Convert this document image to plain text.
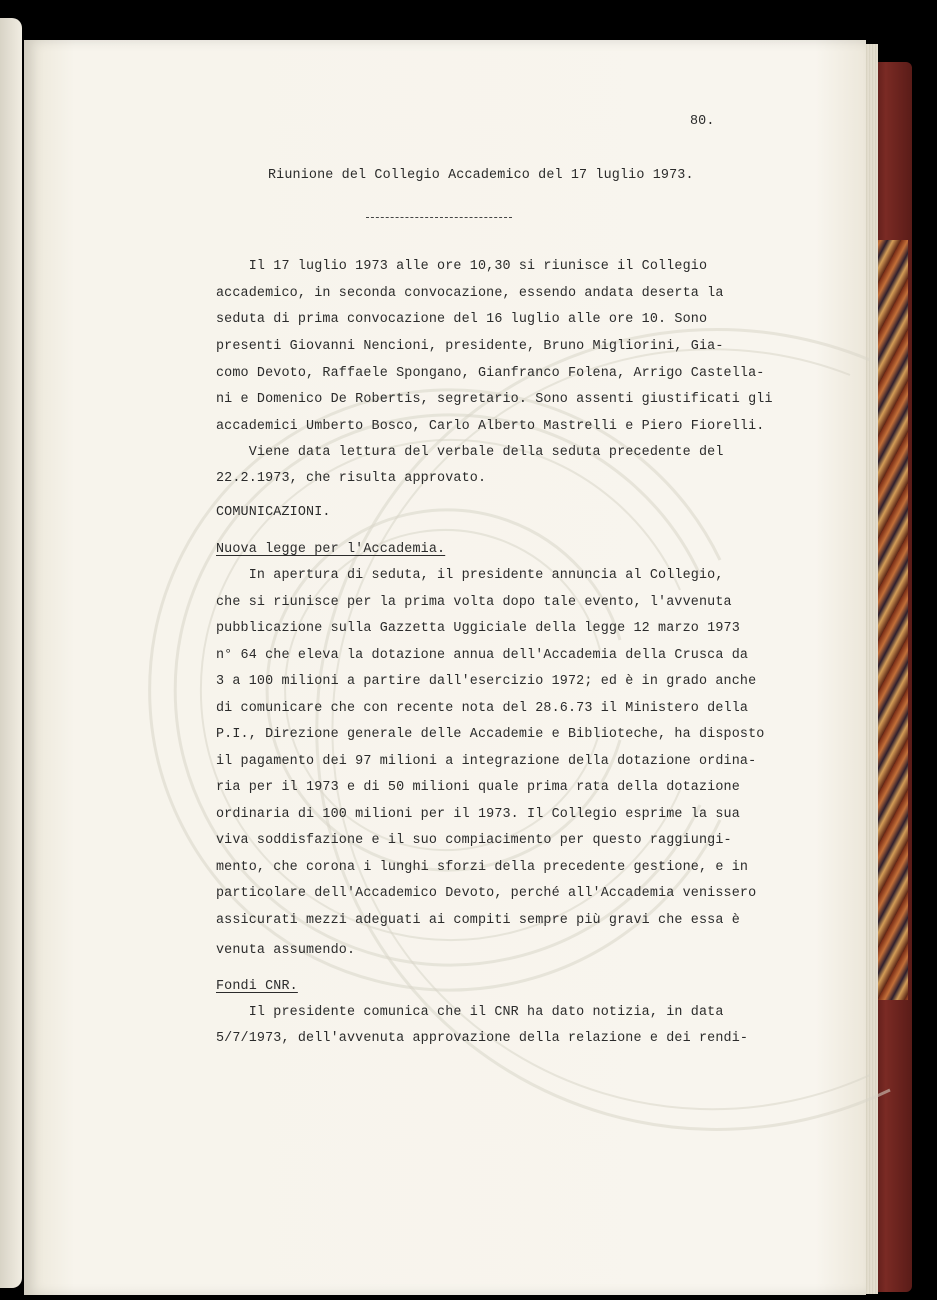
80.
Riunione del Collegio Accademico del 17 luglio 1973.
Il 17 luglio 1973 alle ore 10,30 si riunisce il Collegio
accademico, in seconda convocazione, essendo andata deserta la
seduta di prima convocazione del 16 luglio alle ore 10. Sono
presenti Giovanni Nencioni, presidente, Bruno Migliorini, Gia-
como Devoto, Raffaele Spongano, Gianfranco Folena, Arrigo Castella-
ni e Domenico De Robertis, segretario. Sono assenti giustificati gli
accademici Umberto Bosco, Carlo Alberto Mastrelli e Piero Fiorelli.
Viene data lettura del verbale della seduta precedente del
22.2.1973, che risulta approvato.
COMUNICAZIONI.
Nuova legge per l'Accademia.
In apertura di seduta, il presidente annuncia al Collegio,
che si riunisce per la prima volta dopo tale evento, l'avvenuta
pubblicazione sulla Gazzetta Uggiciale della legge 12 marzo 1973
n° 64 che eleva la dotazione annua dell'Accademia della Crusca da
3 a 100 milioni a partire dall'esercizio 1972; ed è in grado anche
di comunicare che con recente nota del 28.6.73 il Ministero della
P.I., Direzione generale delle Accademie e Biblioteche, ha disposto
il pagamento dei 97 milioni a integrazione della dotazione ordina-
ria per il 1973 e di 50 milioni quale prima rata della dotazione
ordinaria di 100 milioni per il 1973. Il Collegio esprime la sua
viva soddisfazione e il suo compiacimento per questo raggiungi-
mento, che corona i lunghi sforzi della precedente gestione, e in
particolare dell'Accademico Devoto, perché all'Accademia venissero
assicurati mezzi adeguati ai compiti sempre più gravi che essa è
venuta assumendo.
Fondi CNR.
Il presidente comunica che il CNR ha dato notizia, in data
5/7/1973, dell'avvenuta approvazione della relazione e dei rendi-
